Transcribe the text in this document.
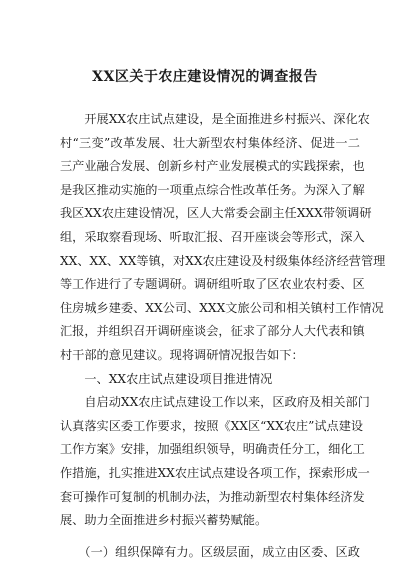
XX区关于农庄建设情况的调查报告
　　开展XX农庄试点建设，是全面推进乡村振兴、深化农
村“三变”改革发展、壮大新型农村集体经济、促进一二
三产业融合发展、创新乡村产业发展模式的实践探索，也
是我区推动实施的一项重点综合性改革任务。为深入了解
我区XX农庄建设情况，区人大常委会副主任XXX带领调研
组，采取察看现场、听取汇报、召开座谈会等形式，深入
XX、XX、XX等镇，对XX农庄建设及村级集体经济经营管理
等工作进行了专题调研。调研组听取了区农业农村委、区
住房城乡建委、XX公司、XXX文旅公司和相关镇村工作情况
汇报，并组织召开调研座谈会，征求了部分人大代表和镇
村干部的意见建议。现将调研情况报告如下：
　　一、XX农庄试点建设项目推进情况
　　自启动XX农庄试点建设工作以来，区政府及相关部门
认真落实区委工作要求，按照《XX区“XX农庄”试点建设
工作方案》安排，加强组织领导，明确责任分工，细化工
作措施，扎实推进XX农庄试点建设各项工作，探索形成一
套可操作可复制的机制办法，为推动新型农村集体经济发
展、助力全面推进乡村振兴蓄势赋能。
　　（一）组织保障有力。区级层面，成立由区委、区政
